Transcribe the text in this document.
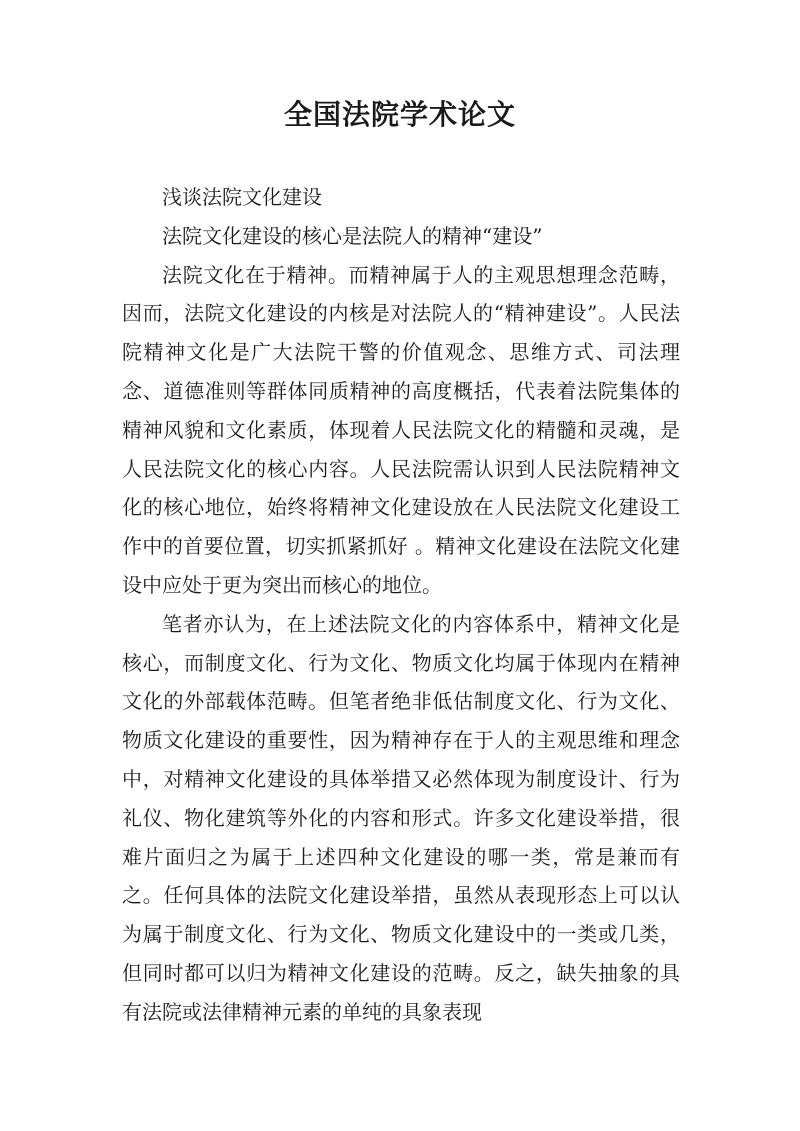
全国法院学术论文

浅谈法院文化建设

法院文化建设的核心是法院人的精神“建设”

法院文化在于精神。而精神属于人的主观思想理念范畴，因而，法院文化建设的内核是对法院人的“精神建设”。人民法院精神文化是广大法院干警的价值观念、思维方式、司法理念、道德准则等群体同质精神的高度概括，代表着法院集体的精神风貌和文化素质，体现着人民法院文化的精髓和灵魂，是人民法院文化的核心内容。人民法院需认识到人民法院精神文化的核心地位，始终将精神文化建设放在人民法院文化建设工作中的首要位置，切实抓紧抓好 。精神文化建设在法院文化建设中应处于更为突出而核心的地位。

笔者亦认为，在上述法院文化的内容体系中，精神文化是核心，而制度文化、行为文化、物质文化均属于体现内在精神文化的外部载体范畴。但笔者绝非低估制度文化、行为文化、物质文化建设的重要性，因为精神存在于人的主观思维和理念中，对精神文化建设的具体举措又必然体现为制度设计、行为礼仪、物化建筑等外化的内容和形式。许多文化建设举措，很难片面归之为属于上述四种文化建设的哪一类，常是兼而有之。任何具体的法院文化建设举措，虽然从表现形态上可以认为属于制度文化、行为文化、物质文化建设中的一类或几类，但同时都可以归为精神文化建设的范畴。反之，缺失抽象的具有法院或法律精神元素的单纯的具象表现
